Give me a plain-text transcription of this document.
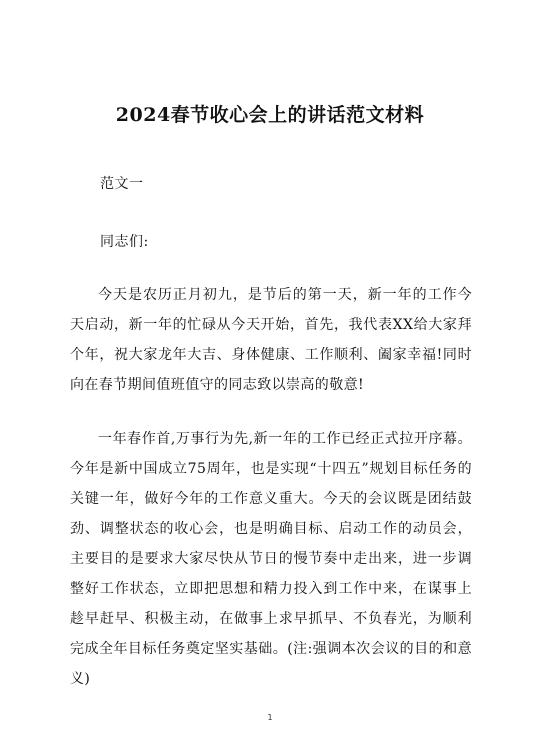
2024春节收心会上的讲话范文材料
范文一
同志们:
今天是农历正月初九，是节后的第一天，新一年的工作今天启动，新一年的忙碌从今天开始，首先，我代表XX给大家拜个年，祝大家龙年大吉、身体健康、工作顺利、阖家幸福!同时向在春节期间值班值守的同志致以崇高的敬意!
一年春作首,万事行为先,新一年的工作已经正式拉开序幕。今年是新中国成立75周年，也是实现“十四五”规划目标任务的关键一年，做好今年的工作意义重大。今天的会议既是团结鼓劲、调整状态的收心会，也是明确目标、启动工作的动员会，主要目的是要求大家尽快从节日的慢节奏中走出来，进一步调整好工作状态，立即把思想和精力投入到工作中来，在谋事上趁早赶早、积极主动，在做事上求早抓早、不负春光，为顺利完成全年目标任务奠定坚实基础。(注:强调本次会议的目的和意义)
1
